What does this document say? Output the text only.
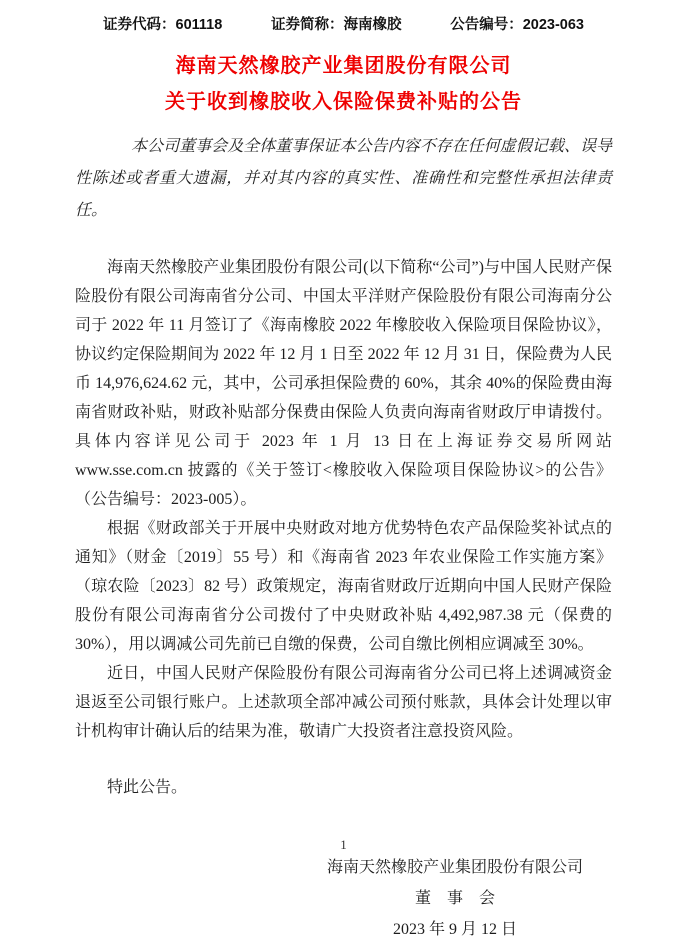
证券代码：601118	证券简称：海南橡胶	公告编号：2023-063
海南天然橡胶产业集团股份有限公司
关于收到橡胶收入保险保费补贴的公告

本公司董事会及全体董事保证本公告内容不存在任何虚假记载、误导性陈述或者重大遗漏，并对其内容的真实性、准确性和完整性承担法律责任。

海南天然橡胶产业集团股份有限公司(以下简称“公司”)与中国人民财产保险股份有限公司海南省分公司、中国太平洋财产保险股份有限公司海南分公司于 2022 年 11 月签订了《海南橡胶 2022 年橡胶收入保险项目保险协议》，协议约定保险期间为 2022 年 12 月 1 日至 2022 年 12 月 31 日，保险费为人民币 14,976,624.62 元，其中，公司承担保险费的 60%，其余 40%的保险费由海南省财政补贴，财政补贴部分保费由保险人负责向海南省财政厅申请拨付。具体内容详见公司于 2023 年 1 月 13 日在上海证券交易所网站 www.sse.com.cn 披露的《关于签订<橡胶收入保险项目保险协议>的公告》（公告编号：2023-005）。

根据《财政部关于开展中央财政对地方优势特色农产品保险奖补试点的通知》（财金〔2019〕55 号）和《海南省 2023 年农业保险工作实施方案》（琼农险〔2023〕82 号）政策规定，海南省财政厅近期向中国人民财产保险股份有限公司海南省分公司拨付了中央财政补贴 4,492,987.38 元（保费的 30%），用以调减公司先前已自缴的保费，公司自缴比例相应调减至 30%。

近日，中国人民财产保险股份有限公司海南省分公司已将上述调减资金退返至公司银行账户。上述款项全部冲减公司预付账款，具体会计处理以审计机构审计确认后的结果为准，敬请广大投资者注意投资风险。

特此公告。

海南天然橡胶产业集团股份有限公司
董　事　会
2023 年 9 月 12 日
1
